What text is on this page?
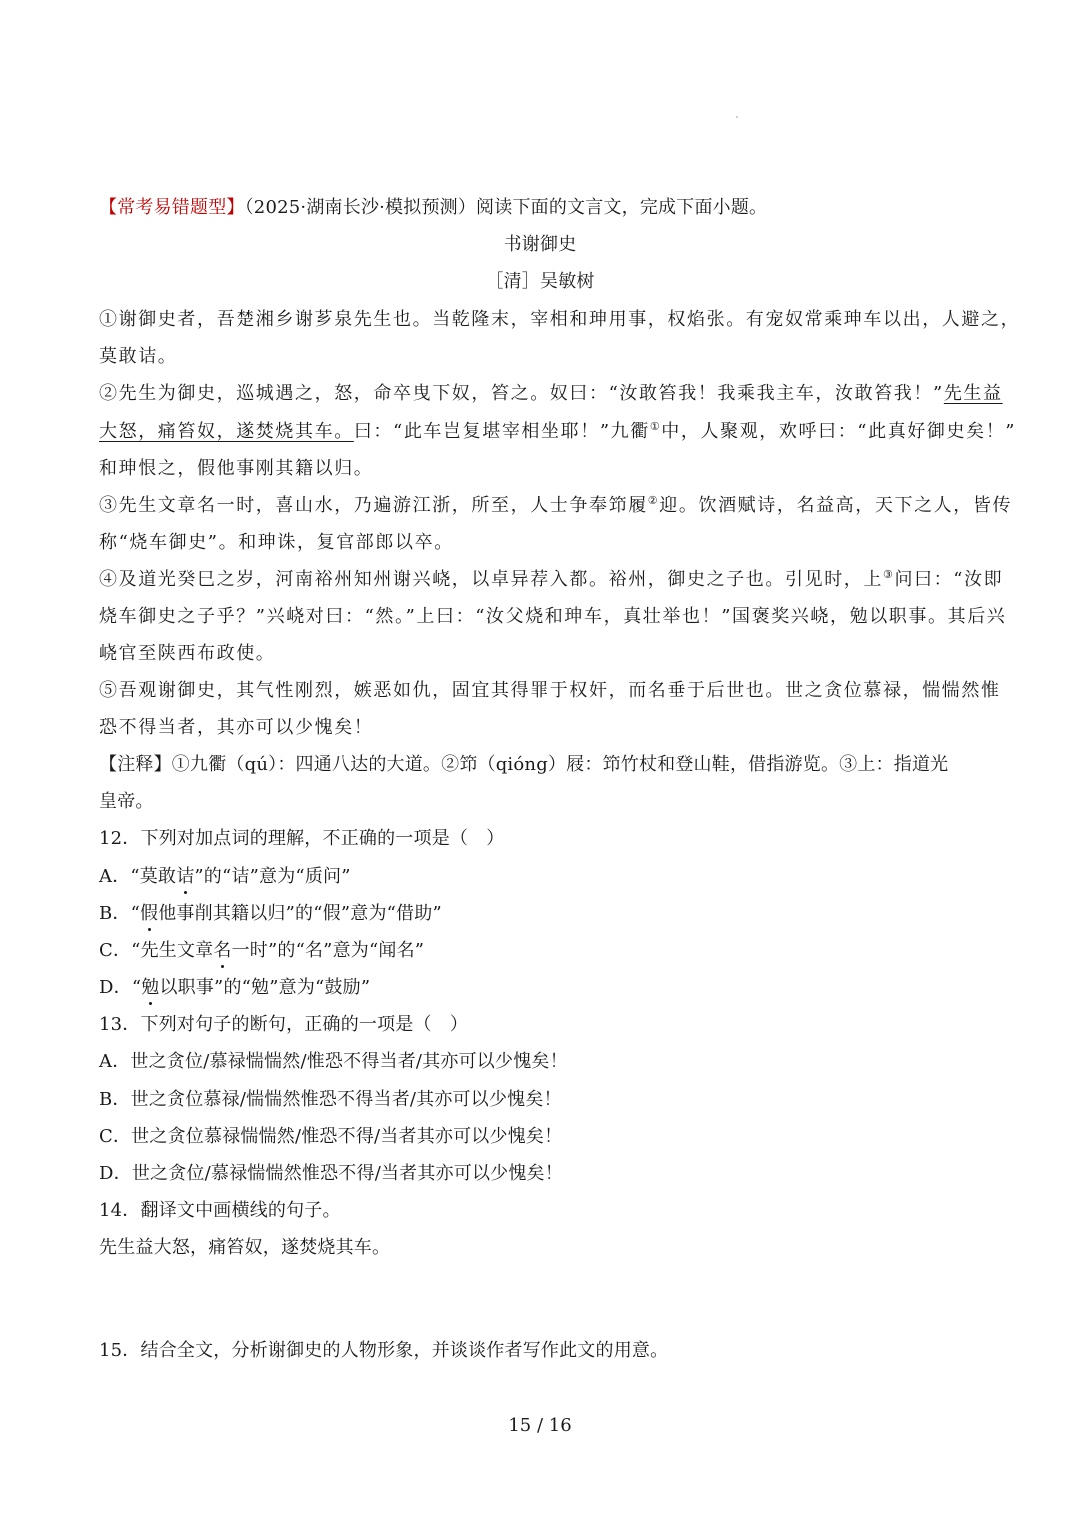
【常考易错题型】（2025·湖南长沙·模拟预测）阅读下面的文言文，完成下面小题。
书谢御史
［清］吴敏树
①谢御史者，吾楚湘乡谢芗泉先生也。当乾隆末，宰相和珅用事，权焰张。有宠奴常乘珅车以出，人避之，
莫敢诘。
②先生为御史，巡城遇之，怒，命卒曳下奴，笞之。奴曰：“汝敢笞我！我乘我主车，汝敢笞我！”先生益
大怒，痛笞奴，遂焚烧其车。曰：“此车岂复堪宰相坐耶！”九衢①中，人聚观，欢呼曰：“此真好御史矣！”
和珅恨之，假他事刚其籍以归。
③先生文章名一时，喜山水，乃遍游江浙，所至，人士争奉笻履②迎。饮酒赋诗，名益高，天下之人，皆传
称“烧车御史”。和珅诛，复官部郎以卒。
④及道光癸巳之岁，河南裕州知州谢兴峣，以卓异荐入都。裕州，御史之子也。引见时，上③问曰：“汝即
烧车御史之子乎？”兴峣对曰：“然。”上曰：“汝父烧和珅车，真壮举也！”国褒奖兴峣，勉以职事。其后兴
峣官至陕西布政使。
⑤吾观谢御史，其气性刚烈，嫉恶如仇，固宜其得罪于权奸，而名垂于后世也。世之贪位慕禄，惴惴然惟
恐不得当者，其亦可以少愧矣！
【注释】①九衢（qú）：四通八达的大道。②笻（qióng）屐：笻竹杖和登山鞋，借指游览。③上：指道光
皇帝。
12．下列对加点词的理解，不正确的一项是（　）
A．“莫敢诘”的“诘”意为“质问”
B．“假他事削其籍以归”的“假”意为“借助”
C．“先生文章名一时”的“名”意为“闻名”
D．“勉以职事”的“勉”意为“鼓励”
13．下列对句子的断句，正确的一项是（　）
A．世之贪位/慕禄惴惴然/惟恐不得当者/其亦可以少愧矣！
B．世之贪位慕禄/惴惴然惟恐不得当者/其亦可以少愧矣！
C．世之贪位慕禄惴惴然/惟恐不得/当者其亦可以少愧矣！
D．世之贪位/慕禄惴惴然惟恐不得/当者其亦可以少愧矣！
14．翻译文中画横线的句子。
先生益大怒，痛笞奴，遂焚烧其车。
15．结合全文，分析谢御史的人物形象，并谈谈作者写作此文的用意。
15 / 16
